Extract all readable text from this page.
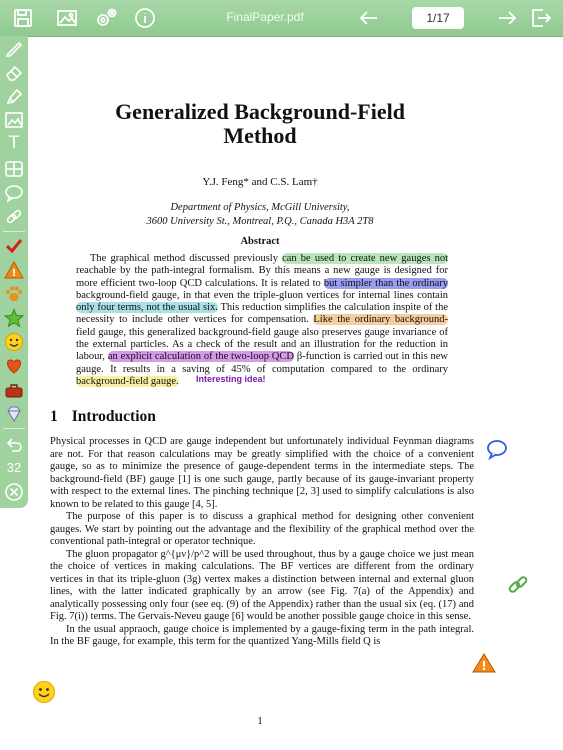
FinalPaper.pdf	1/17
T
!
32
Generalized Background-Field
Method
Y.J. Feng* and C.S. Lam†
Department of Physics, McGill University,
3600 University St., Montreal, P.Q., Canada H3A 2T8
Abstract
The graphical method discussed previously can be used to create new gauges not reachable by the path-integral formalism. By this means a new gauge is designed for more efficient two-loop QCD calculations. It is related to but simpler than the ordinary background-field gauge, in that even the triple-gluon vertices for internal lines contain only four terms, not the usual six. This reduction simplifies the calculation inspite of the necessity to include other vertices for compensation. Like the ordinary background- field gauge, this generalized background-field gauge also preserves gauge invariance of the external particles. As a check of the result and an illustration for the reduction in labour, an explicit calculation of the two-loop QCD β-function is carried out in this new gauge. It results in a saving of 45% of computation compared to the ordinary background-field gauge.	Interesting idea!
1 Introduction

Physical processes in QCD are gauge independent but unfortunately individual Feynman diagrams are not. For that reason calculations may be greatly simplified with the choice of a convenient gauge, so as to minimize the presence of gauge-dependent terms in the intermediate steps. The background-field (BF) gauge [1] is one such gauge, partly because of its gauge-invariant property with respect to the external lines. The pinching technique [2, 3] used to simplify calculations is also known to be related to this gauge [4, 5].

The purpose of this paper is to discuss a graphical method for designing other convenient gauges. We start by pointing out the advantage and the flexibility of the graphical method over the conventional path-integral or operator technique.

The gluon propagator g^{μν}/p^2 will be used throughout, thus by a gauge choice we just mean the choice of vertices in making calculations. The BF vertices are different from the ordinary vertices in that its triple-gluon (3g) vertex makes a distinction between internal and external gluon lines, with the latter indicated graphically by an arrow (see Fig. 7(a) of the Appendix) and analytically possessing only four (see eq. (9) of the Appendix) rather than the usual six (eq. (17) and Fig. 7(i)) terms. The Gervais-Neveu gauge [6] would be another possible gauge choice in this sense.

In the usual appraoch, gauge choice is implemented by a gauge-fixing term in the path integral. In the BF gauge, for example, this term for the quantized Yang-Mills field Q is

1
!
